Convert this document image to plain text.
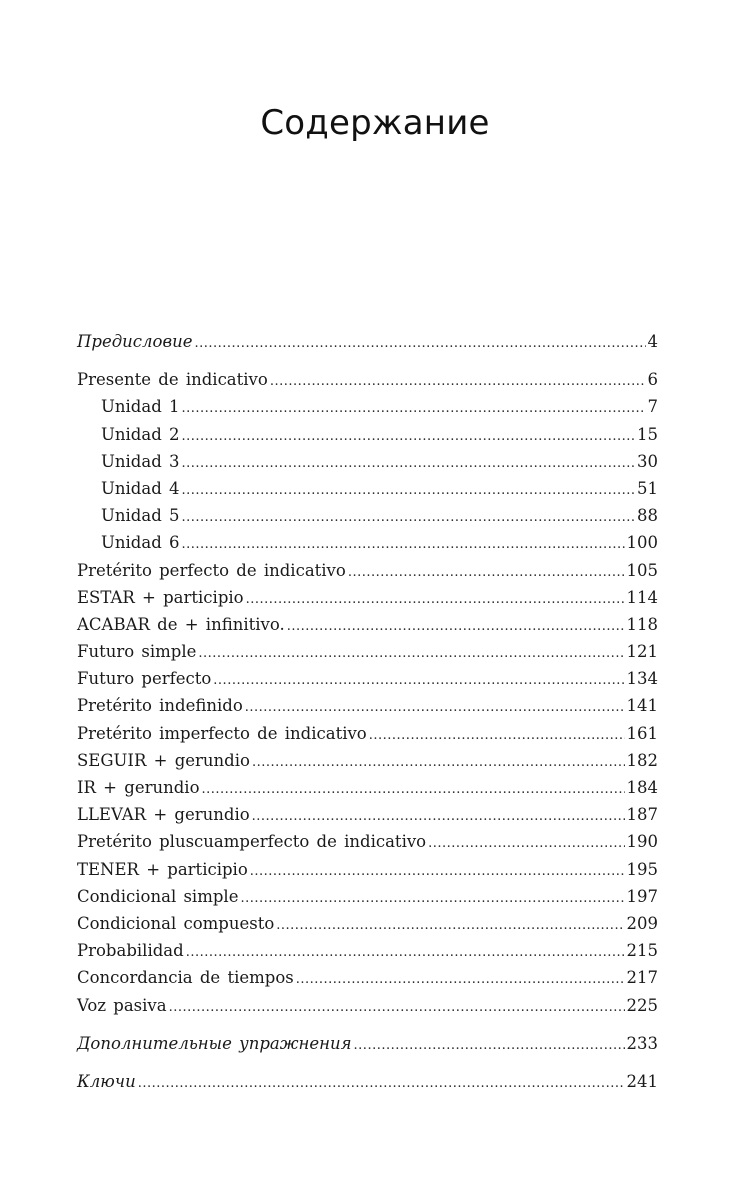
Содержание
Предисловие .....	4
Presente de indicativo .....	6
Unidad 1 .....	7
Unidad 2 .....	15
Unidad 3 .....	30
Unidad 4 .....	51
Unidad 5 .....	88
Unidad 6 .....	100
Pretérito perfecto de indicativo .....	105
ESTAR + participio .....	114
ACABAR de + infinitivo. .....	118
Futuro simple .....	121
Futuro perfecto .....	134
Pretérito indefinido .....	141
Pretérito imperfecto de indicativo .....	161
SEGUIR + gerundio .....	182
IR + gerundio .....	184
LLEVAR + gerundio .....	187
Pretérito pluscuamperfecto de indicativo .....	190
TENER + participio .....	195
Condicional simple .....	197
Condicional compuesto .....	209
Probabilidad .....	215
Concordancia de tiempos .....	217
Voz pasiva .....	225
Дополнительные упражнения .....	233
Ключи .....	241
